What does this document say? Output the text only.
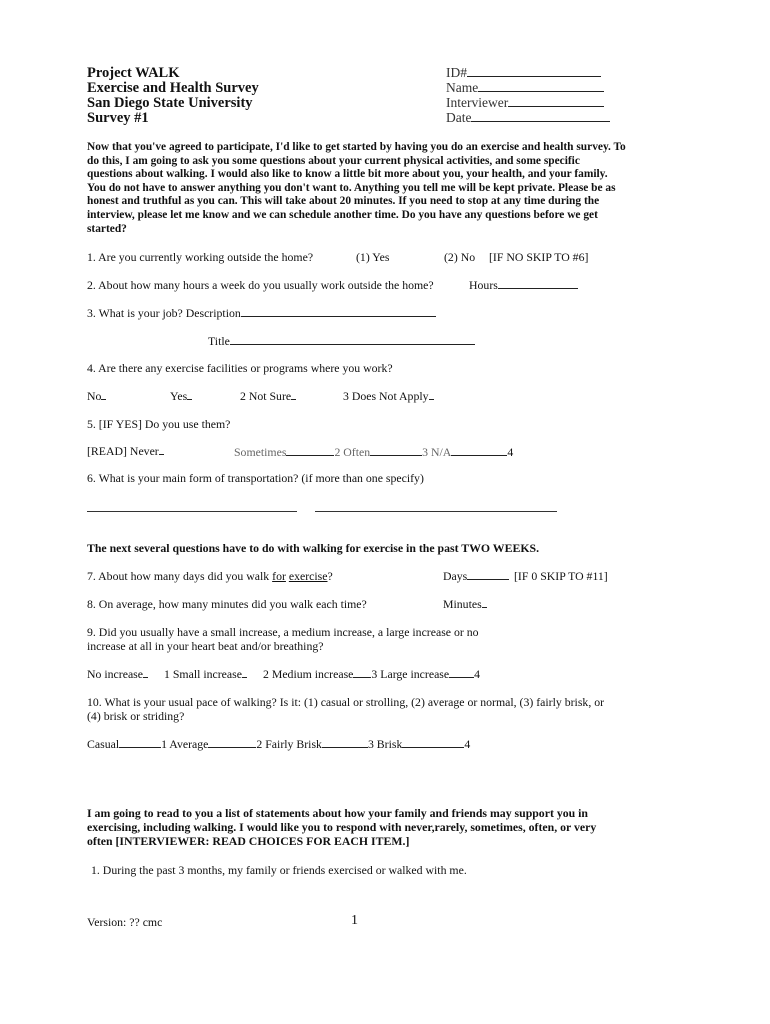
Project WALK
Exercise and Health Survey
San Diego State University
Survey #1
ID#
Name
Interviewer
Date
Now that you've agreed to participate, I'd like to get started by having you do an exercise and health survey. To do this, I am going to ask you some questions about your current physical activities, and some specific questions about walking. I would also like to know a little bit more about you, your health, and your family. You do not have to answer anything you don't want to. Anything you tell me will be kept private. Please be as honest and truthful as you can. This will take about 20 minutes. If you need to stop at any time during the interview, please let me know and we can schedule another time. Do you have any questions before we get started?
1. Are you currently working outside the home?	(1) Yes	(2) No [IF NO SKIP TO #6]
2. About how many hours a week do you usually work outside the home?	Hours
3. What is your job? Description
Title
4. Are there any exercise facilities or programs where you work?
No	Yes	2 Not Sure	3 Does Not Apply
5. [IF YES] Do you use them?
[READ] Never	Sometimes	2 Often	3 N/A	4
6. What is your main form of transportation? (if more than one specify)
The next several questions have to do with walking for exercise in the past TWO WEEKS.
7. About how many days did you walk for exercise?	Days	[IF 0 SKIP TO #11]
8. On average, how many minutes did you walk each time?	Minutes
9. Did you usually have a small increase, a medium increase, a large increase or no increase at all in your heart beat and/or breathing?
No increase 1 Small increase 2 Medium increase 3 Large increase 4
10. What is your usual pace of walking? Is it: (1) casual or strolling, (2) average or normal, (3) fairly brisk, or (4) brisk or striding?
Casual	1 Average	2 Fairly Brisk	3 Brisk	4
I am going to read to you a list of statements about how your family and friends may support you in exercising, including walking. I would like you to respond with never,rarely, sometimes, often, or very often [INTERVIEWER: READ CHOICES FOR EACH ITEM.]
1. During the past 3 months, my family or friends exercised or walked with me.
Version: ?? cmc	1
